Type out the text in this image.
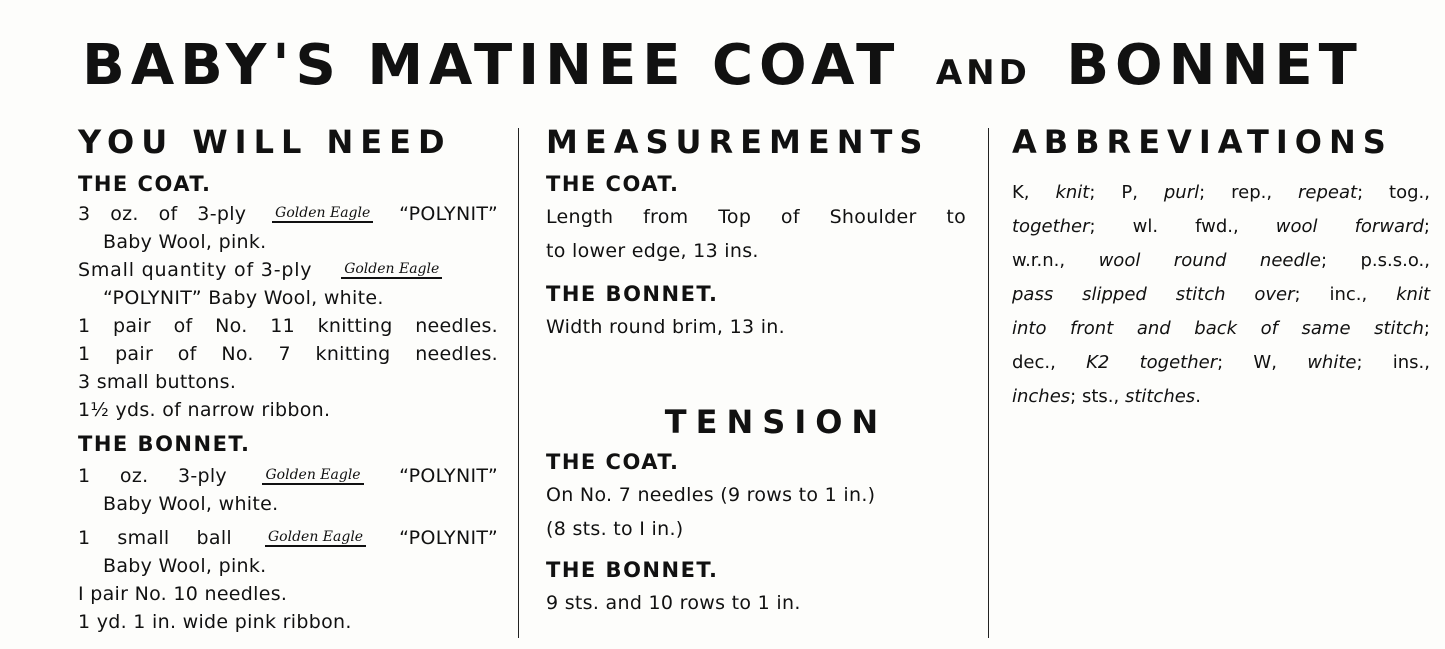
BABY'S MATINEE COAT AND BONNET
YOU WILL NEED
THE COAT.
3 oz. of 3-ply Golden Eagle “POLYNIT”
Baby Wool, pink.
Small quantity of 3-ply Golden Eagle
“POLYNIT” Baby Wool, white.
1 pair of No. 11 knitting needles.
1 pair of No. 7 knitting needles.
3 small buttons.
1½ yds. of narrow ribbon.
THE BONNET.
1 oz. 3-ply	Golden Eagle “POLYNIT”
Baby Wool, white.
1 small ball	Golden Eagle “POLYNIT”
Baby Wool, pink.
I pair No. 10 needles.
1 yd. 1 in. wide pink ribbon.
MEASUREMENTS
THE COAT.
Length from Top of Shoulder to
to lower edge, 13 ins.
THE BONNET.
Width round brim, 13 in.
TENSION
THE COAT.
On No. 7 needles (9 rows to 1 in.)
(8 sts. to I in.)
THE BONNET.
9 sts. and 10 rows to 1 in.
ABBREVIATIONS

K, knit; P, purl; rep., repeat; tog.,

together; wl. fwd., wool forward;

w.r.n., wool round needle; p.s.s.o.,

pass slipped stitch over; inc., knit

into front and back of same stitch;

dec., K2 together; W, white; ins.,

inches; sts., stitches.
